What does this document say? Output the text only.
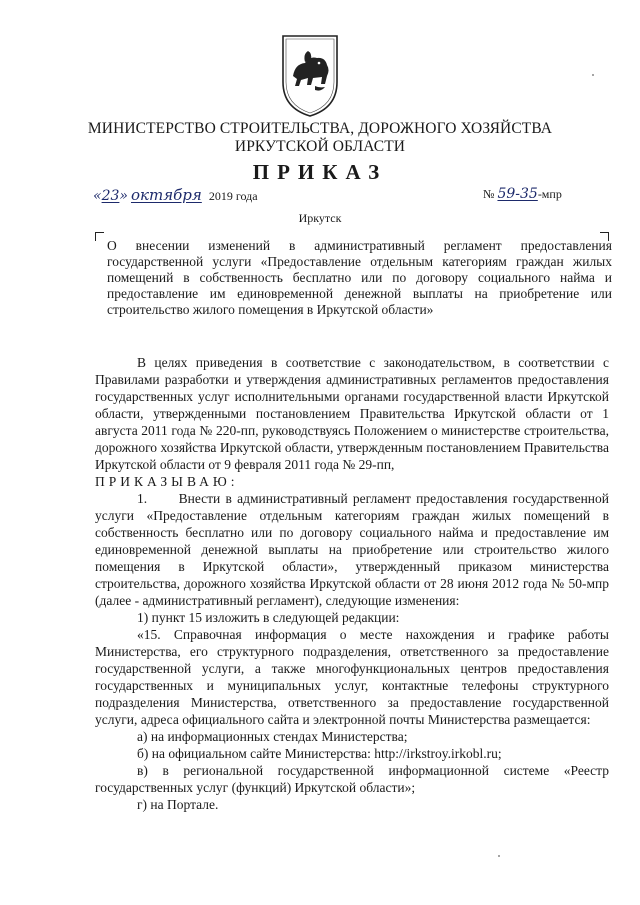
МИНИСТЕРСТВО СТРОИТЕЛЬСТВА, ДОРОЖНОГО ХОЗЯЙСТВА
ИРКУТСКОЙ ОБЛАСТИ
ПРИКАЗ
«23» октября 2019 года	№ 59-35-мпр
Иркутск
О внесении изменений в административный регламент предоставления
государственной услуги «Предоставление отдельным категориям граждан жилых
помещений в собственность бесплатно или по договору социального найма и
предоставление им единовременной денежной выплаты на приобретение или
строительство жилого помещения в Иркутской области»

В целях приведения в соответствие с законодательством, в соответствии с Правилами разработки и утверждения административных регламентов предоставления государственных услуг исполнительными органами государственной власти Иркутской области, утвержденными постановлением Правительства Иркутской области от 1 августа 2011 года № 220-пп, руководствуясь Положением о министерстве строительства, дорожного хозяйства Иркутской области, утвержденным постановлением Правительства Иркутской области от 9 февраля 2011 года № 29-пп,

ПРИКАЗЫВАЮ:

1.      Внести в административный регламент предоставления государственной услуги «Предоставление отдельным категориям граждан жилых помещений в собственность бесплатно или по договору социального найма и предоставление им единовременной денежной выплаты на приобретение или строительство жилого помещения в Иркутской области», утвержденный приказом министерства строительства, дорожного хозяйства Иркутской области от 28 июня 2012 года № 50-мпр (далее - административный регламент), следующие изменения:

1) пункт 15 изложить в следующей редакции:

«15. Справочная информация о месте нахождения и графике работы Министерства, его структурного подразделения, ответственного за предоставление государственной услуги, а также многофункциональных центров предоставления государственных и муниципальных услуг, контактные телефоны структурного подразделения Министерства, ответственного за предоставление государственной услуги, адреса официального сайта и электронной почты Министерства размещается:

а) на информационных стендах Министерства;

б) на официальном сайте Министерства: http://irkstroy.irkobl.ru;

в) в региональной государственной информационной системе «Реестр государственных услуг (функций) Иркутской области»;

г) на Портале.
